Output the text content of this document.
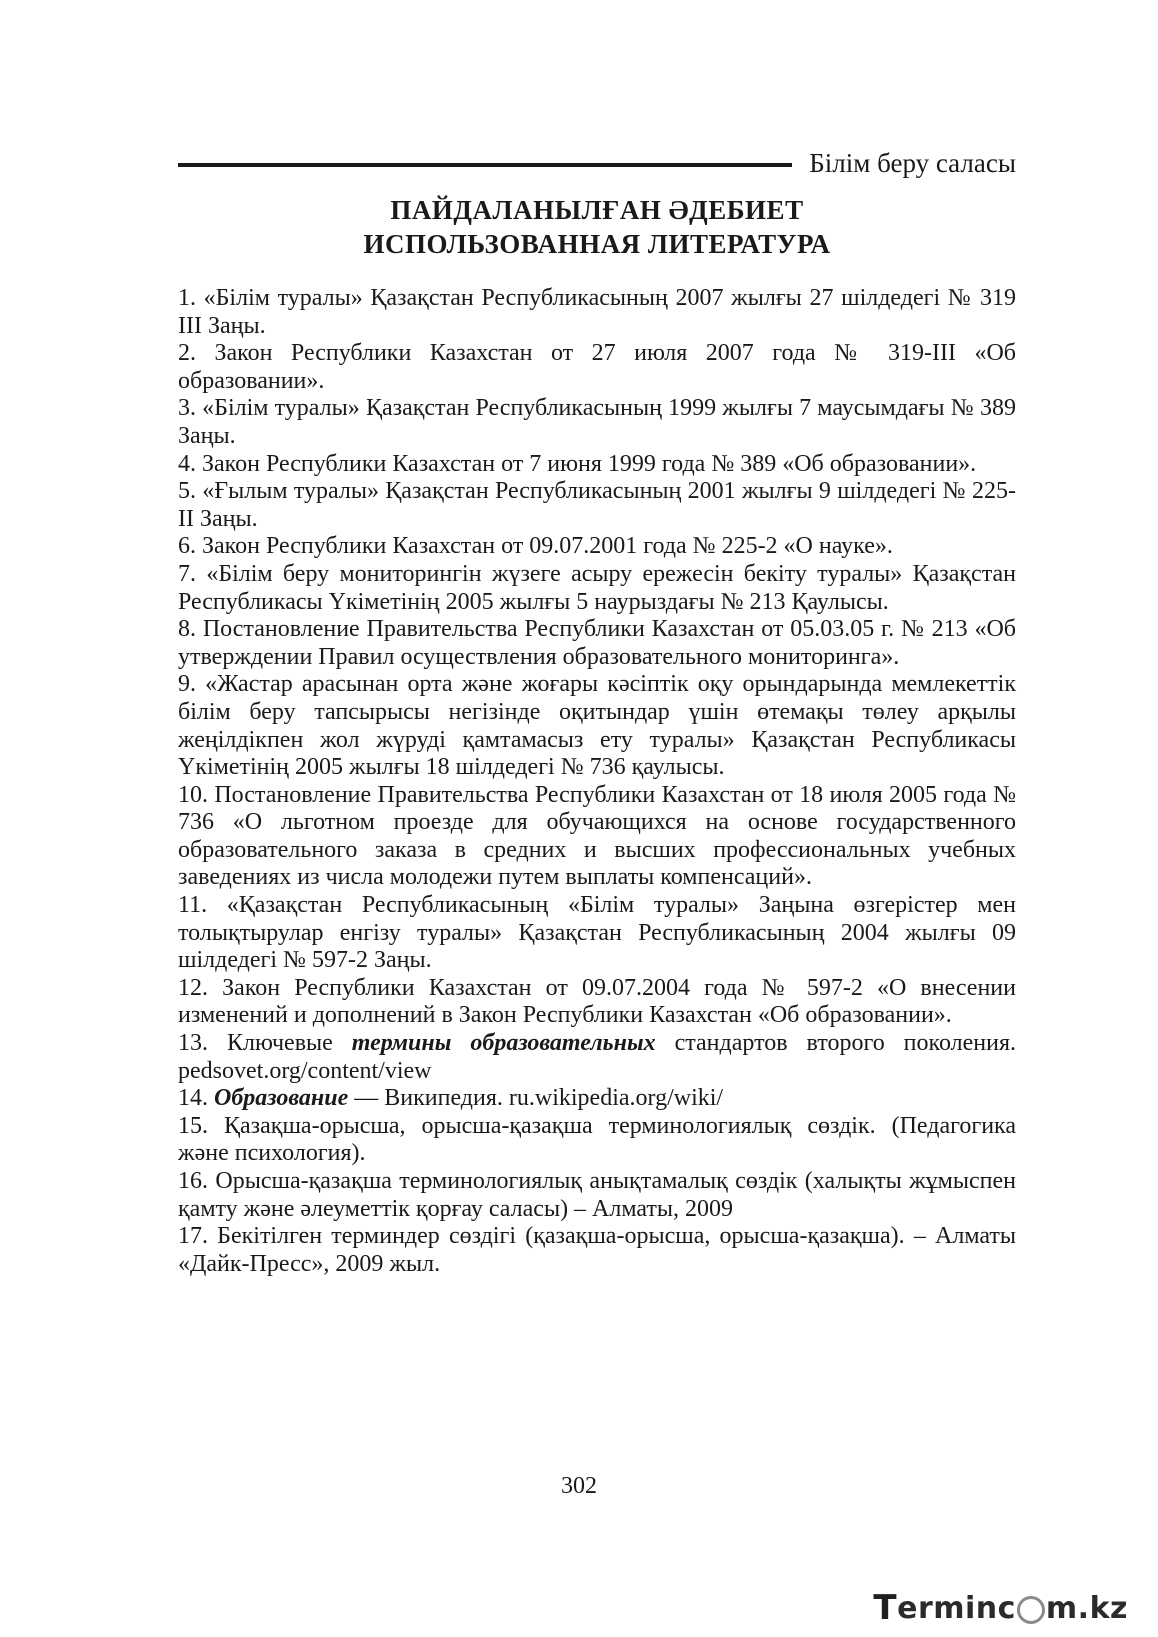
Білім беру саласы
ПАЙДАЛАНЫЛҒАН ӘДЕБИЕТ
ИСПОЛЬЗОВАННАЯ ЛИТЕРАТУРА

1. «Білім туралы» Қазақстан Республикасының 2007 жылғы 27 шілдедегі № 319 ІІІ Заңы.

2. Закон Республики Казахстан от 27 июля 2007 года № 319-III «Об образовании».

3. «Білім туралы» Қазақстан Республикасының 1999 жылғы 7 маусымдағы № 389 Заңы.

4. Закон Республики Казахстан от 7 июня 1999 года № 389 «Об образовании».

5. «Ғылым туралы» Қазақстан Республикасының 2001 жылғы 9 шілдедегі № 225-ІІ Заңы.

6. Закон Республики Казахстан от 09.07.2001 года № 225-2 «О науке».

7. «Білім беру мониторингін жүзеге асыру ережесін бекіту туралы» Қазақстан Республикасы Үкіметінің 2005 жылғы 5 наурыздағы № 213 Қаулысы.

8. Постановление Правительства Республики Казахстан от 05.03.05 г. № 213 «Об утверждении Правил осуществления образовательного мониторинга».

9. «Жастар арасынан орта және жоғары кәсіптік оқу орындарында мемлекеттік білім беру тапсырысы негізінде оқитындар үшін өтемақы төлеу арқылы жеңілдікпен жол жүруді қамтамасыз ету туралы» Қазақстан Республикасы Үкіметінің 2005 жылғы 18 шілдедегі № 736 қаулысы.

10. Постановление Правительства Республики Казахстан от 18 июля 2005 года № 736 «О льготном проезде для обучающихся на основе государственного образовательного заказа в средних и высших профессиональных учебных заведениях из числа молодежи путем выплаты компенсаций».

11. «Қазақстан Республикасының «Білім туралы» Заңына өзгерістер мен толықтырулар енгізу туралы» Қазақстан Республикасының 2004 жылғы 09 шілдедегі № 597-2 Заңы.

12. Закон Республики Казахстан от 09.07.2004 года № 597-2 «О внесении изменений и дополнений в Закон Республики Казахстан «Об образовании».

13. Ключевые термины образовательных стандартов второго поколения. pedsovet.org/content/view

14. Образование — Википедия. ru.wikipedia.org/wiki/

15. Қазақша-орысша, орысша-қазақша терминологиялық сөздік. (Педагогика және психология).

16. Орысша-қазақша терминологиялық анықтамалық сөздік (халықты жұмыспен қамту және әлеуметтік қорғау саласы) – Алматы, 2009

17. Бекітілген терминдер сөздігі (қазақша-орысша, орысша-қазақша). – Алматы «Дайк-Пресс», 2009 жыл.

302
T erminc m.kz
